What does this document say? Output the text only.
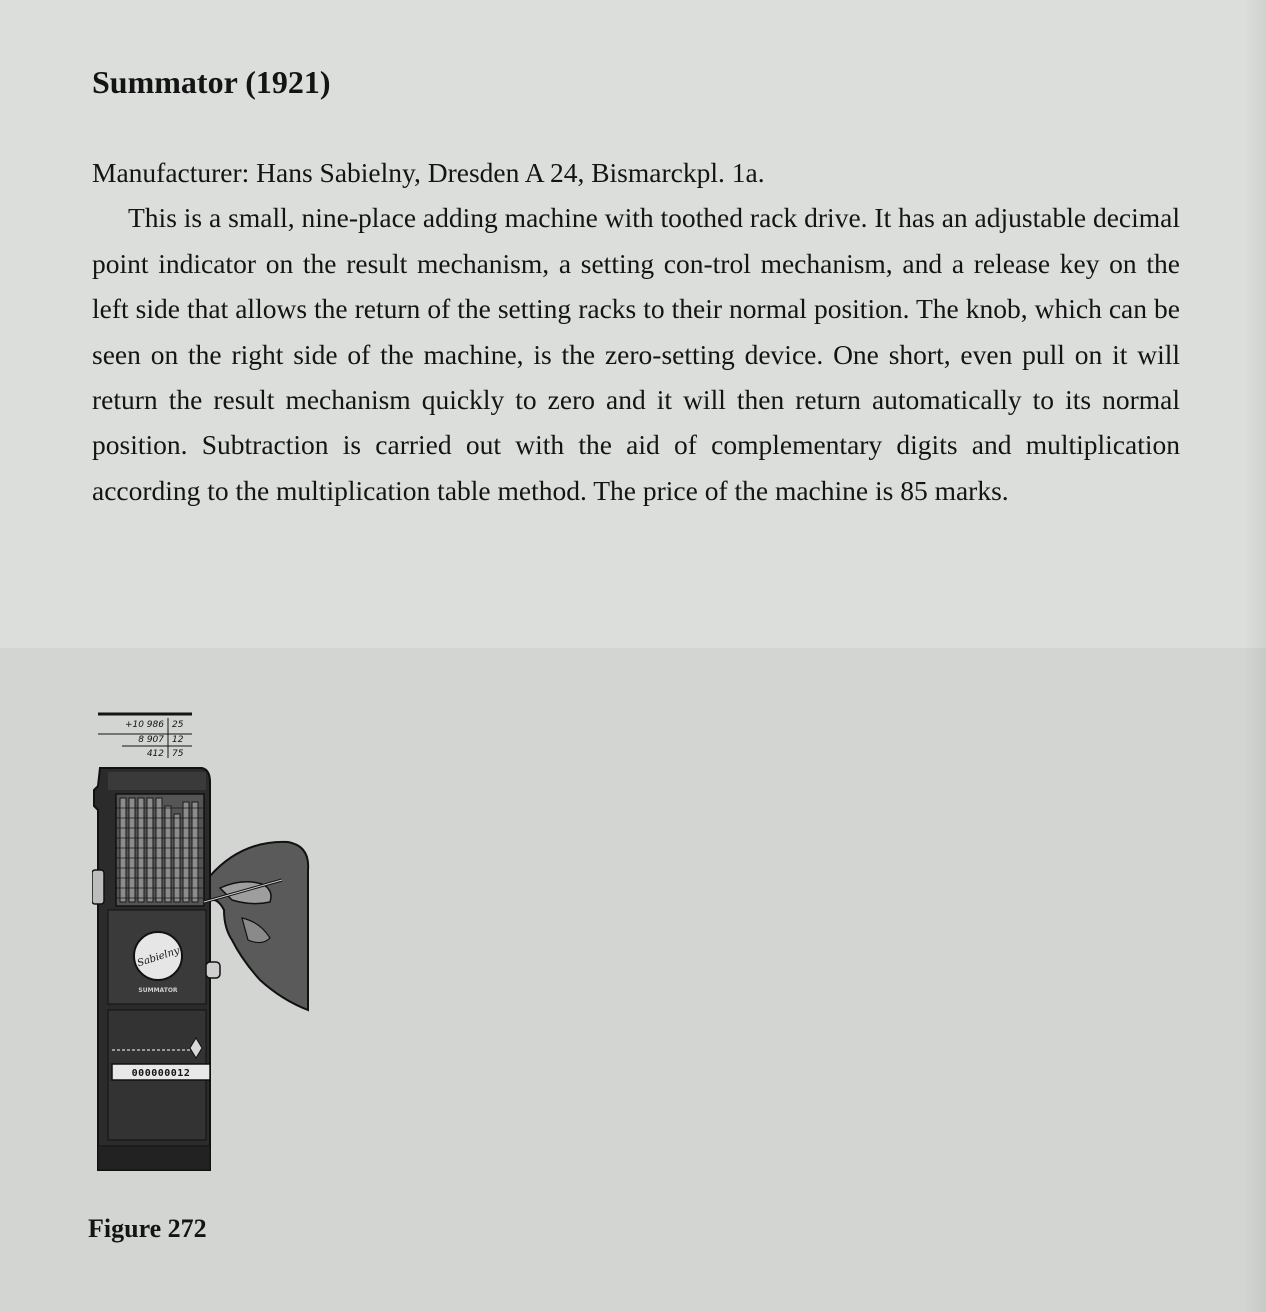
Summator (1921)
Manufacturer: Hans Sabielny, Dresden A 24, Bismarckpl. 1a.

This is a small, nine-place adding machine with toothed rack drive. It has an adjustable decimal point indicator on the result mechanism, a setting con-trol mechanism, and a release key on the left side that allows the return of the setting racks to their normal position. The knob, which can be seen on the right side of the machine, is the zero-setting device. One short, even pull on it will return the result mechanism quickly to zero and it will then return automatically to its normal position. Subtraction is carried out with the aid of complementary digits and multiplication according to the multiplication table method. The price of the machine is 85 marks.

+10 986 25
8 907 12
412 75
Sabielny
SUMMATOR
000000012
Figure 272
